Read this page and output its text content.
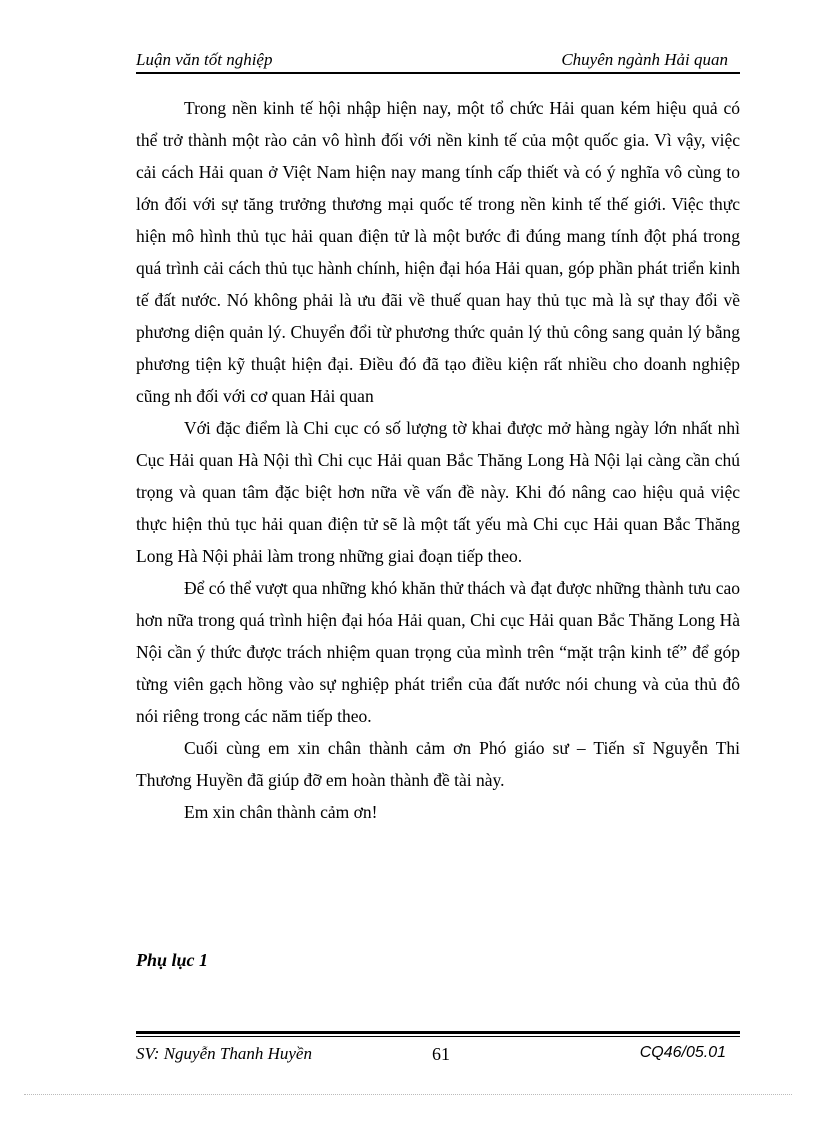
Luận văn tốt nghiệp	Chuyên ngành Hải quan

Trong nền kinh tế hội nhập hiện nay, một tổ chức Hải quan kém hiệu quả có thể trở thành một rào cản vô hình đối với nền kinh tế của một quốc gia. Vì vậy, việc cải cách Hải quan ở Việt Nam hiện nay mang tính cấp thiết và có ý nghĩa vô cùng to lớn đối với sự tăng trưởng thương mại quốc tế trong nền kinh tế thế giới. Việc thực hiện mô hình thủ tục hải quan điện tử là một bước đi đúng mang tính đột phá trong quá trình cải cách thủ tục hành chính, hiện đại hóa Hải quan, góp phần phát triển kinh tế đất nước. Nó không phải là ưu đãi về thuế quan hay thủ tục mà là sự thay đổi về phương diện quản lý. Chuyển đổi từ phương thức quản lý thủ công sang quản lý bằng phương tiện kỹ thuật hiện đại. Điều đó đã tạo điều kiện rất nhiều cho doanh nghiệp cũng nh đối với cơ quan Hải quan

Với đặc điểm là Chi cục có số lượng tờ khai được mở hàng ngày lớn nhất nhì Cục Hải quan Hà Nội thì Chi cục Hải quan Bắc Thăng Long Hà Nội lại càng cần chú trọng và quan tâm đặc biệt hơn nữa về vấn đề này. Khi đó nâng cao hiệu quả việc thực hiện thủ tục hải quan điện tử sẽ là một tất yếu mà Chi cục Hải quan Bắc Thăng Long Hà Nội phải làm trong những giai đoạn tiếp theo.

Để có thể vượt qua những khó khăn thử thách và đạt được những thành tưu cao hơn nữa trong quá trình hiện đại hóa Hải quan, Chi cục Hải quan Bắc Thăng Long Hà Nội cần ý thức được trách nhiệm quan trọng của mình trên “mặt trận kinh tế” để góp từng viên gạch hồng vào sự nghiệp phát triển của đất nước nói chung và của thủ đô nói riêng trong các năm tiếp theo.

Cuối cùng em xin chân thành cảm ơn Phó giáo sư – Tiến sĩ Nguyễn Thi Thương Huyền đã giúp đỡ em hoàn thành đề tài này.

Em xin chân thành cảm ơn!

Phụ lục 1
SV: Nguyễn Thanh Huyền	61	CQ46/05.01
